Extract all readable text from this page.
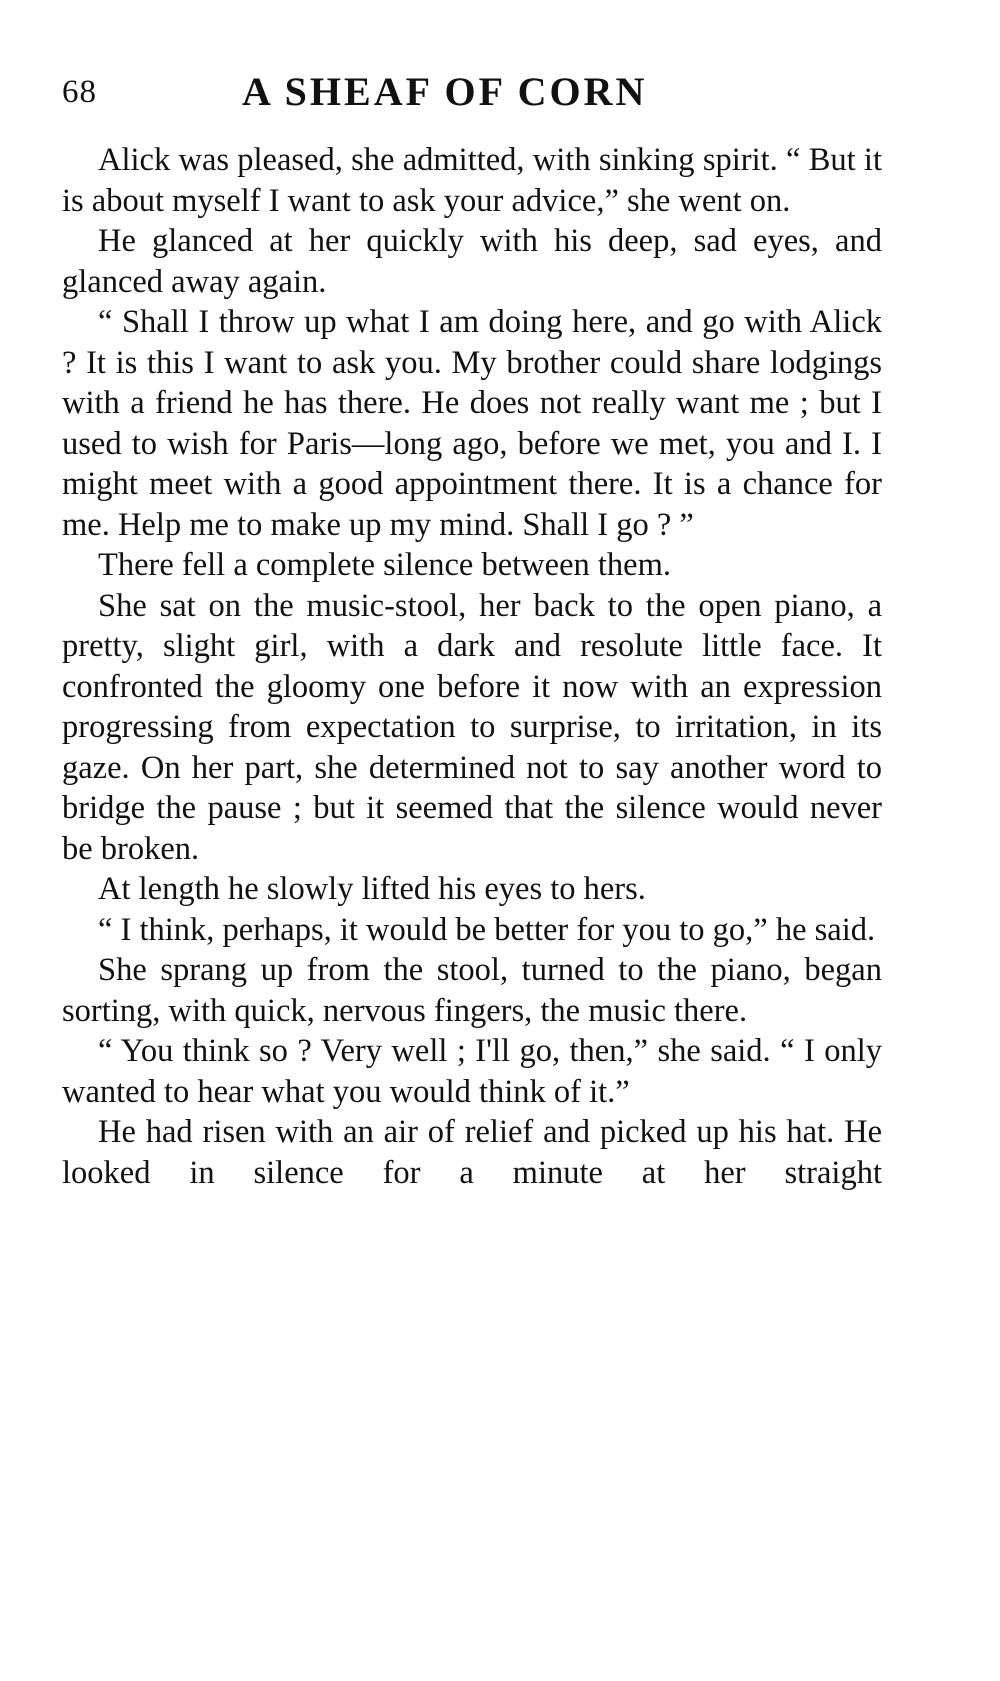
68	A SHEAF OF CORN

Alick was pleased, she admitted, with sinking spirit. “ But it is about myself I want to ask your advice,” she went on.

He glanced at her quickly with his deep, sad eyes, and glanced away again.

“ Shall I throw up what I am doing here, and go with Alick ? It is this I want to ask you. My brother could share lodgings with a friend he has there. He does not really want me ; but I used to wish for Paris—long ago, before we met, you and I. I might meet with a good appointment there. It is a chance for me. Help me to make up my mind. Shall I go ? ”

There fell a complete silence between them.

She sat on the music-stool, her back to the open piano, a pretty, slight girl, with a dark and resolute little face. It confronted the gloomy one before it now with an expression progressing from expectation to surprise, to irritation, in its gaze. On her part, she determined not to say another word to bridge the pause ; but it seemed that the silence would never be broken.

At length he slowly lifted his eyes to hers.

“ I think, perhaps, it would be better for you to go,” he said.

She sprang up from the stool, turned to the piano, began sorting, with quick, nervous fingers, the music there.

“ You think so ? Very well ; I'll go, then,” she said. “ I only wanted to hear what you would think of it.”

He had risen with an air of relief and picked up his hat. He looked in silence for a minute at her straight
